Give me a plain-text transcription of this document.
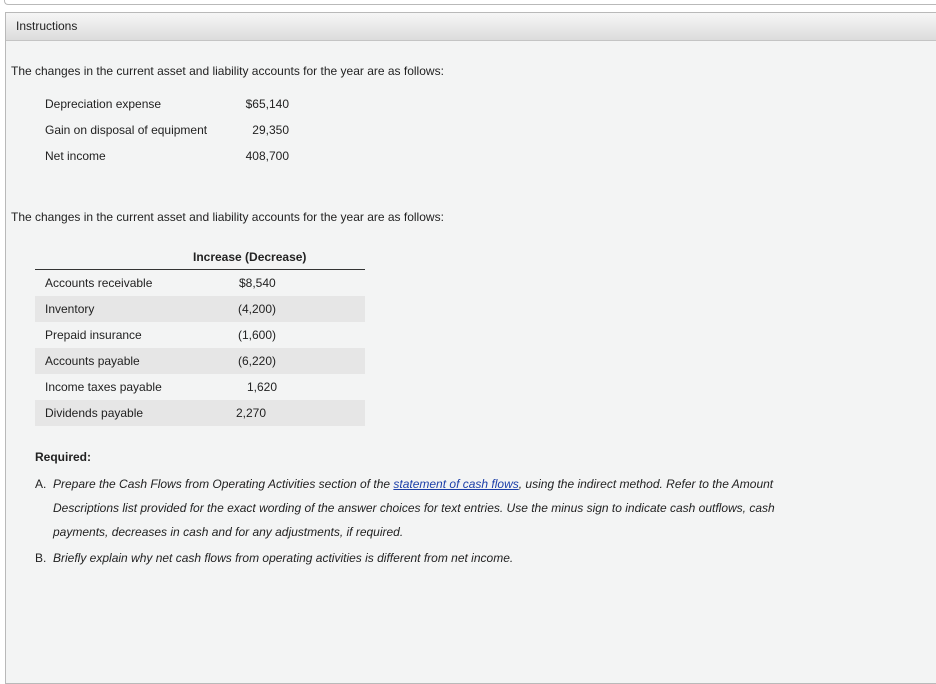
Instructions
The changes in the current asset and liability accounts for the year are as follows:
Depreciation expense	$65,140
Gain on disposal of equipment	29,350
Net income	408,700
The changes in the current asset and liability accounts for the year are as follows:
	Increase (Decrease)
Accounts receivable	$8,540
Inventory	(4,200)
Prepaid insurance	(1,600)
Accounts payable	(6,220)
Income taxes payable	1,620
Dividends payable	2,270
Required:
A. Prepare the Cash Flows from Operating Activities section of the statement of cash flows, using the indirect method. Refer to the Amount Descriptions list provided for the exact wording of the answer choices for text entries. Use the minus sign to indicate cash outflows, cash payments, decreases in cash and for any adjustments, if required.
B. Briefly explain why net cash flows from operating activities is different from net income.
